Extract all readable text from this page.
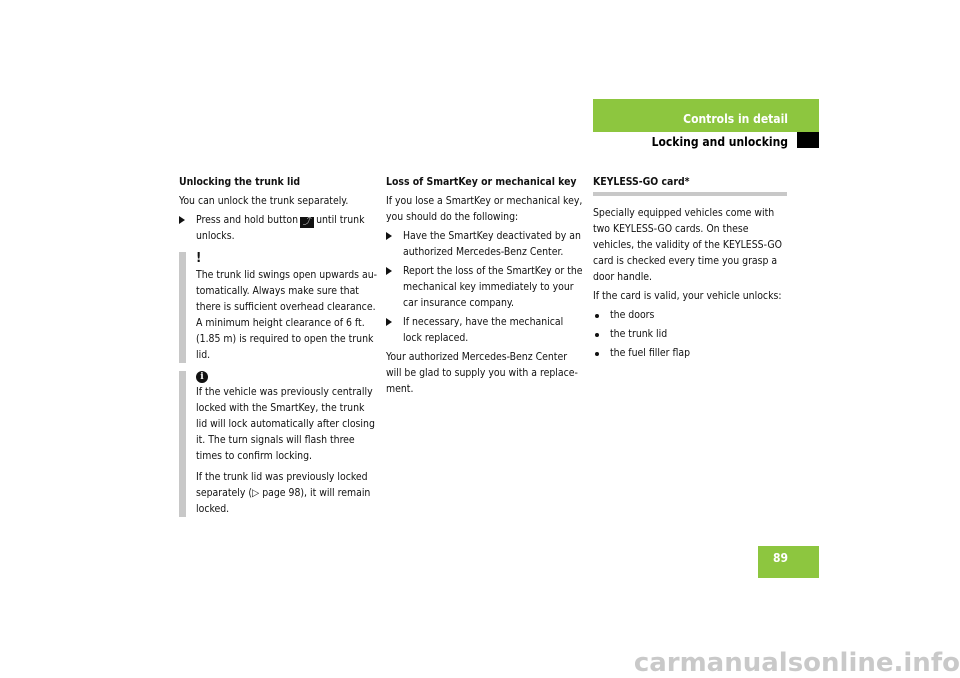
Controls in detail
Locking and unlocking

Unlocking the trunk lid

You can unlock the trunk separately.

Press and hold button ⤴ until trunk unlocks.
!

The trunk lid swings open upwards automatically. Always make sure that there is sufficient overhead clearance. A minimum height clearance of 6 ft. (1.85 m) is required to open the trunk lid.

i

If the vehicle was previously centrally locked with the SmartKey, the trunk lid will lock automatically after closing it. The turn signals will flash three times to confirm locking.

If the trunk lid was previously locked separately (▷ page 98), it will remain locked.

Loss of SmartKey or mechanical key

If you lose a SmartKey or mechanical key, you should do the following:

Have the SmartKey deactivated by an authorized Mercedes-Benz Center.
Report the loss of the SmartKey or the mechanical key immediately to your car insurance company.
If necessary, have the mechanical lock replaced.

Your authorized Mercedes-Benz Center will be glad to supply you with a replacement.

KEYLESS-GO card*

Specially equipped vehicles come with two KEYLESS-GO cards. On these vehicles, the validity of the KEYLESS-GO card is checked every time you grasp a door handle.

If the card is valid, your vehicle unlocks:

the doors
the trunk lid
the fuel filler flap
89
carmanualsonline.info
